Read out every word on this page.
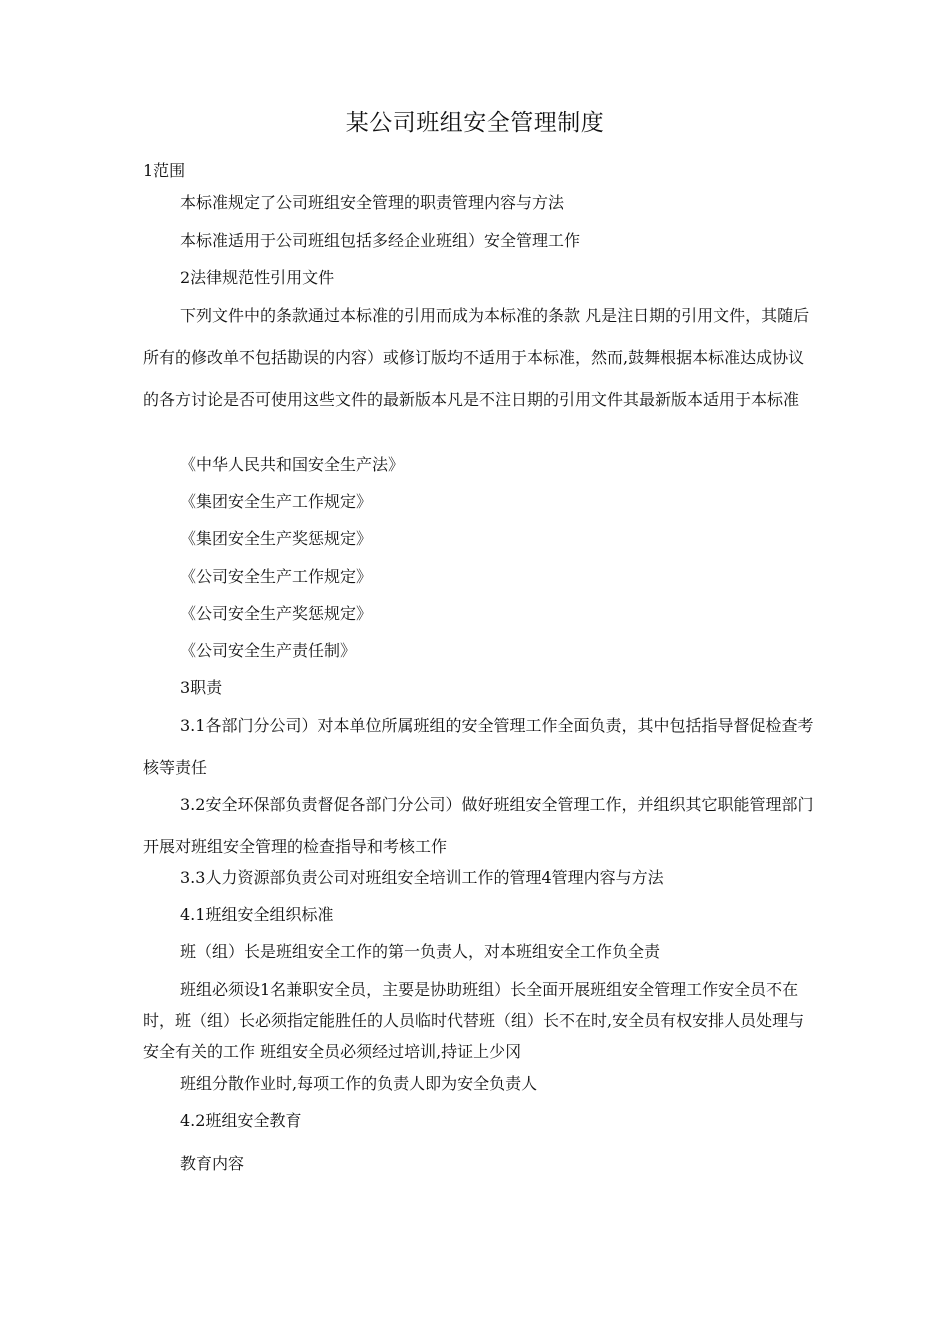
某公司班组安全管理制度

1范围

本标准规定了公司班组安全管理的职责管理内容与方法

本标准适用于公司班组包括多经企业班组）安全管理工作

2法律规范性引用文件

下列文件中的条款通过本标准的引用而成为本标准的条款 凡是注日期的引用文件，其随后所有的修改单不包括勘误的内容）或修订版均不适用于本标准，然而,鼓舞根据本标准达成协议的各方讨论是否可使用这些文件的最新版本凡是不注日期的引用文件其最新版本适用于本标准

《中华人民共和国安全生产法》

《集团安全生产工作规定》

《集团安全生产奖惩规定》

《公司安全生产工作规定》

《公司安全生产奖惩规定》

《公司安全生产责任制》

3职责

3.1各部门分公司）对本单位所属班组的安全管理工作全面负责，其中包括指导督促检查考核等责任

3.2安全环保部负责督促各部门分公司）做好班组安全管理工作，并组织其它职能管理部门开展对班组安全管理的检查指导和考核工作

3.3人力资源部负责公司对班组安全培训工作的管理4管理内容与方法

4.1班组安全组织标准

班（组）长是班组安全工作的第一负责人，对本班组安全工作负全责

班组必须设1名兼职安全员，主要是协助班组）长全面开展班组安全管理工作安全员不在时，班（组）长必须指定能胜任的人员临时代替班（组）长不在时,安全员有权安排人员处理与安全有关的工作 班组安全员必须经过培训,持证上少冈

班组分散作业时,每项工作的负责人即为安全负责人

4.2班组安全教育

教育内容
